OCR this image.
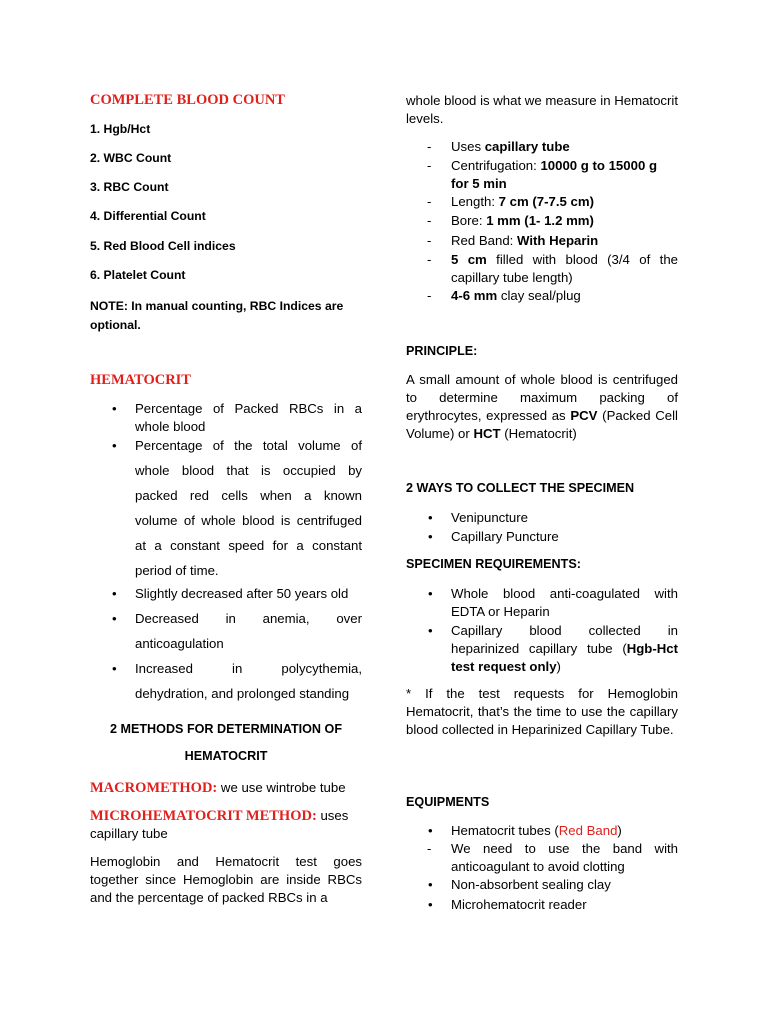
COMPLETE BLOOD COUNT

1. Hgb/Hct

2. WBC Count

3. RBC Count

4. Differential Count

5. Red Blood Cell indices

6. Platelet Count

NOTE: In manual counting, RBC Indices are optional.

HEMATOCRIT

• Percentage of Packed RBCs in a whole blood

• Percentage of the total volume of whole blood that is occupied by packed red cells when a known volume of whole blood is centrifuged at a constant speed for a constant period of time.

• Slightly decreased after 50 years old

• Decreased in anemia, over anticoagulation

• Increased in polycythemia, dehydration, and prolonged standing

2 METHODS FOR DETERMINATION OF HEMATOCRIT

MACROMETHOD: we use wintrobe tube

MICROHEMATOCRIT METHOD: uses capillary tube

Hemoglobin and Hematocrit test goes together since Hemoglobin are inside RBCs and the percentage of packed RBCs in a

whole blood is what we measure in Hematocrit levels.

- Uses capillary tube

- Centrifugation: 10000 g to 15000 g for 5 min

- Length: 7 cm (7-7.5 cm)

- Bore: 1 mm (1- 1.2 mm)

- Red Band: With Heparin

- 5 cm filled with blood (3/4 of the capillary tube length)

- 4-6 mm clay seal/plug

PRINCIPLE:

A small amount of whole blood is centrifuged to determine maximum packing of erythrocytes, expressed as PCV (Packed Cell Volume) or HCT (Hematocrit)

2 WAYS TO COLLECT THE SPECIMEN

• Venipuncture

• Capillary Puncture

SPECIMEN REQUIREMENTS:

• Whole blood anti-coagulated with EDTA or Heparin

• Capillary blood collected in heparinized capillary tube (Hgb-Hct test request only)

* If the test requests for Hemoglobin Hematocrit, that’s the time to use the capillary blood collected in Heparinized Capillary Tube.

EQUIPMENTS

• Hematocrit tubes (Red Band)

- We need to use the band with anticoagulant to avoid clotting

• Non-absorbent sealing clay

• Microhematocrit reader
